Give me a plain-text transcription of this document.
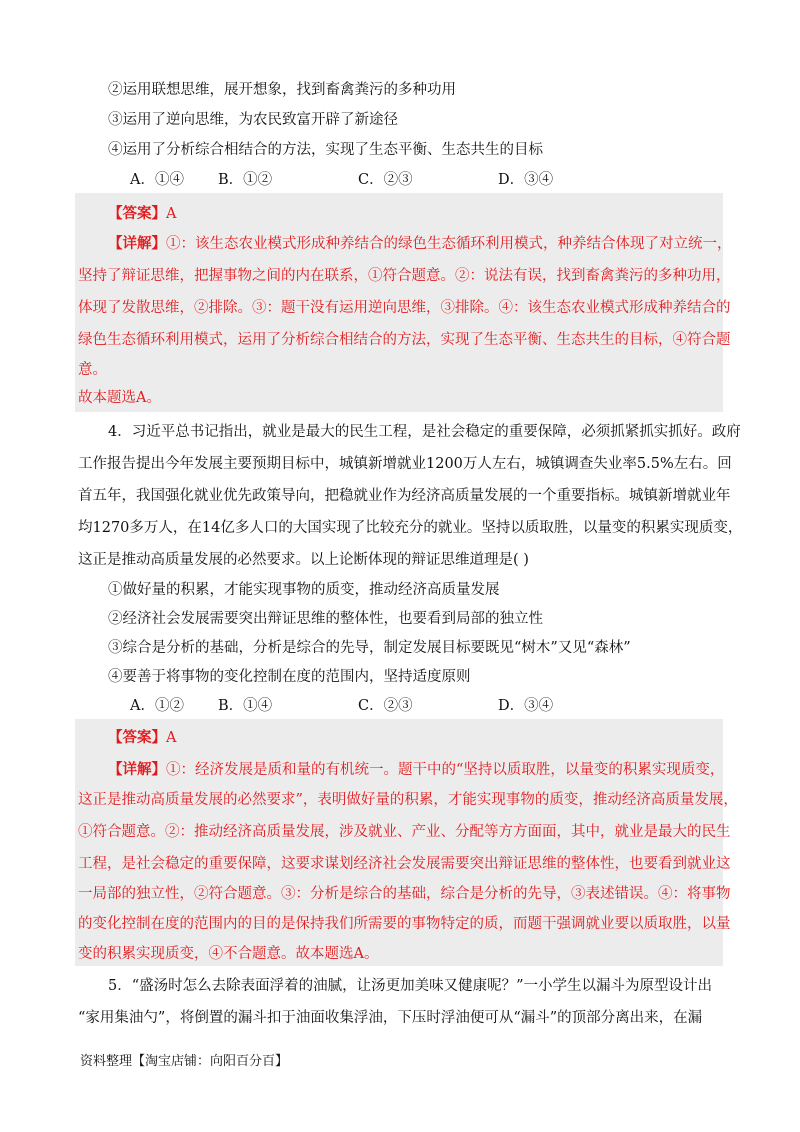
②运用联想思维，展开想象，找到畜禽粪污的多种功用
③运用了逆向思维，为农民致富开辟了新途径
④运用了分析综合相结合的方法，实现了生态平衡、生态共生的目标
A．①④ B．①②	C．②③	D．③④
【答案】A
【详解】①：该生态农业模式形成种养结合的绿色生态循环利用模式，种养结合体现了对立统一，
坚持了辩证思维，把握事物之间的内在联系，①符合题意。②：说法有误，找到畜禽粪污的多种功用，
体现了发散思维，②排除。③：题干没有运用逆向思维，③排除。④：该生态农业模式形成种养结合的
绿色生态循环利用模式，运用了分析综合相结合的方法，实现了生态平衡、生态共生的目标，④符合题
意。
故本题选A。
4．习近平总书记指出，就业是最大的民生工程，是社会稳定的重要保障，必须抓紧抓实抓好。政府
工作报告提出今年发展主要预期目标中，城镇新增就业1200万人左右，城镇调查失业率5.5%左右。回
首五年，我国强化就业优先政策导向，把稳就业作为经济高质量发展的一个重要指标。城镇新增就业年
均1270多万人，在14亿多人口的大国实现了比较充分的就业。坚持以质取胜，以量变的积累实现质变，
这正是推动高质量发展的必然要求。以上论断体现的辩证思维道理是( )
①做好量的积累，才能实现事物的质变，推动经济高质量发展
②经济社会发展需要突出辩证思维的整体性，也要看到局部的独立性
③综合是分析的基础，分析是综合的先导，制定发展目标要既见“树木”又见“森林”
④要善于将事物的变化控制在度的范围内，坚持适度原则
A．①② B．①④	C．②③	D．③④
【答案】A
【详解】①：经济发展是质和量的有机统一。题干中的“坚持以质取胜，以量变的积累实现质变，
这正是推动高质量发展的必然要求”，表明做好量的积累，才能实现事物的质变，推动经济高质量发展，
①符合题意。②：推动经济高质量发展，涉及就业、产业、分配等方方面面，其中，就业是最大的民生
工程，是社会稳定的重要保障，这要求谋划经济社会发展需要突出辩证思维的整体性，也要看到就业这
一局部的独立性，②符合题意。③：分析是综合的基础，综合是分析的先导，③表述错误。④：将事物
的变化控制在度的范围内的目的是保持我们所需要的事物特定的质，而题干强调就业要以质取胜，以量
变的积累实现质变，④不合题意。故本题选A。
5．“盛汤时怎么去除表面浮着的油腻，让汤更加美味又健康呢？”一小学生以漏斗为原型设计出
“家用集油勺”，将倒置的漏斗扣于油面收集浮油，下压时浮油便可从“漏斗”的顶部分离出来，在漏
资料整理【淘宝店铺：向阳百分百】
